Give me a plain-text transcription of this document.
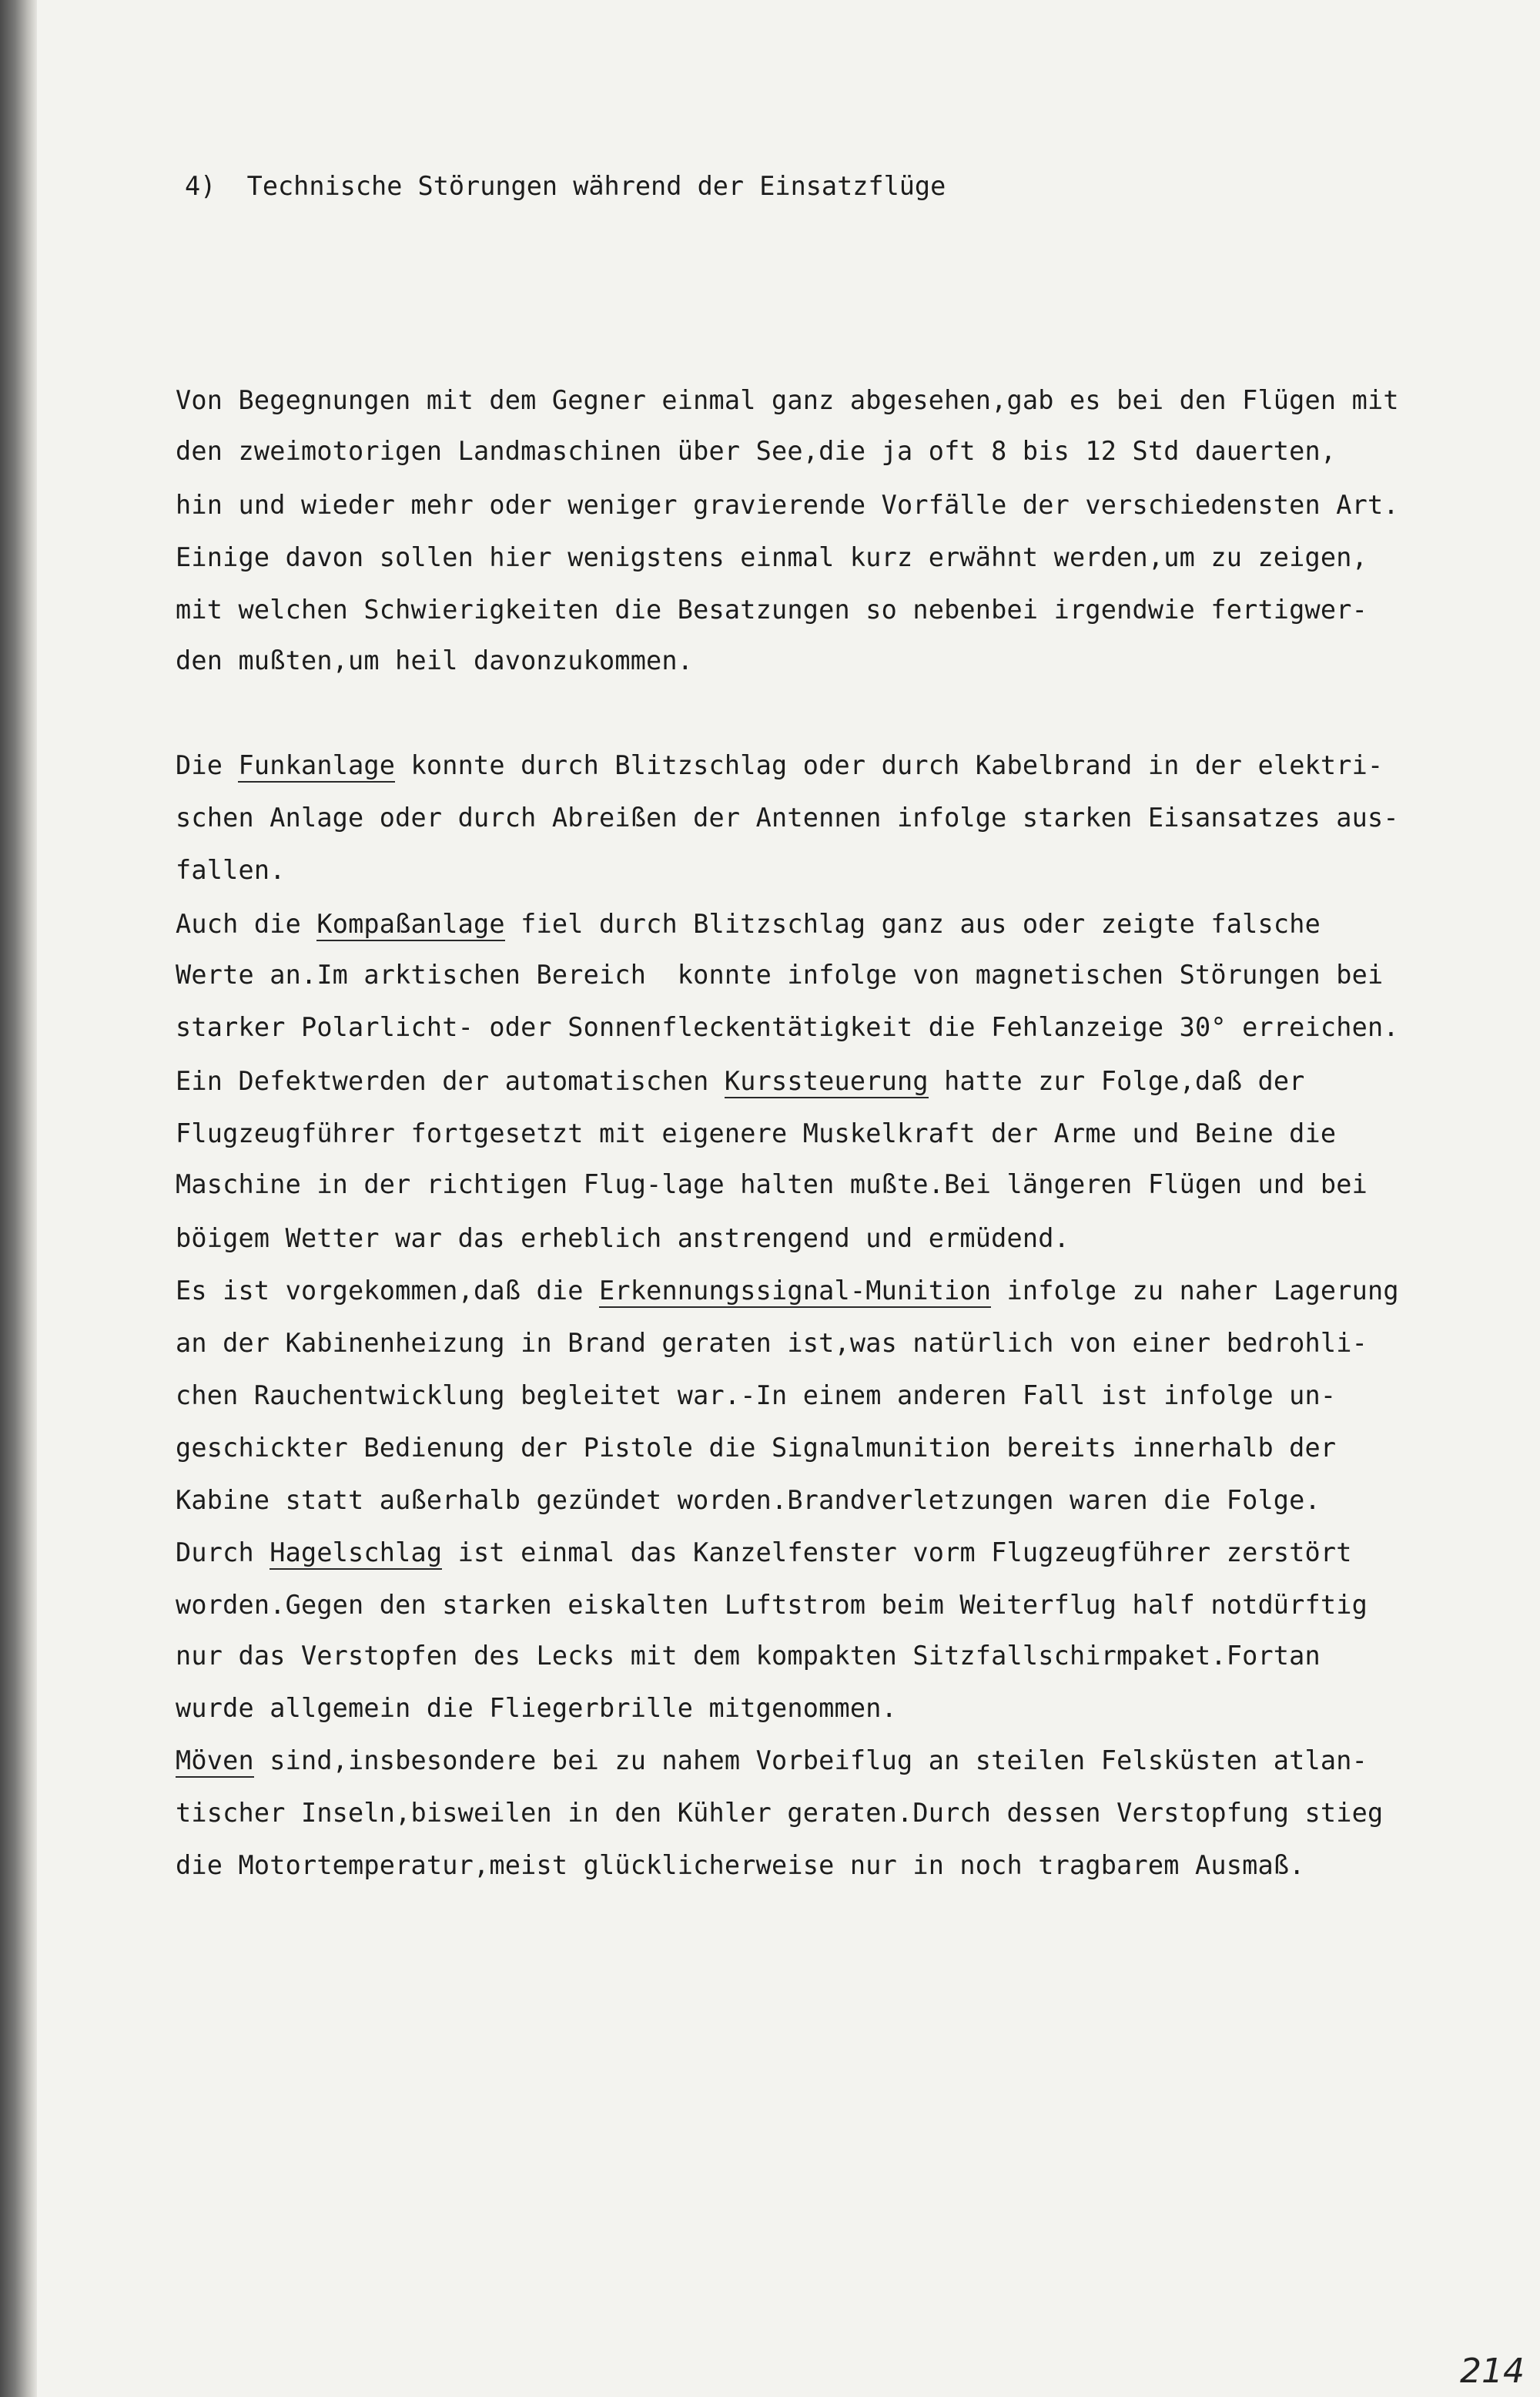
4)  Technische Störungen während der Einsatzflüge
Von Begegnungen mit dem Gegner einmal ganz abgesehen,gab es bei den Flügen mit
den zweimotorigen Landmaschinen über See,die ja oft 8 bis 12 Std dauerten,
hin und wieder mehr oder weniger gravierende Vorfälle der verschiedensten Art.
Einige davon sollen hier wenigstens einmal kurz erwähnt werden,um zu zeigen,
mit welchen Schwierigkeiten die Besatzungen so nebenbei irgendwie fertigwer-
den mußten,um heil davonzukommen.
Die Funkanlage konnte durch Blitzschlag oder durch Kabelbrand in der elektri-
schen Anlage oder durch Abreißen der Antennen infolge starken Eisansatzes aus-
fallen.
Auch die Kompaßanlage fiel durch Blitzschlag ganz aus oder zeigte falsche
Werte an.Im arktischen Bereich  konnte infolge von magnetischen Störungen bei
starker Polarlicht- oder Sonnenfleckentätigkeit die Fehlanzeige 30° erreichen.
Ein Defektwerden der automatischen Kurssteuerung hatte zur Folge,daß der
Flugzeugführer fortgesetzt mit eigenere Muskelkraft der Arme und Beine die
Maschine in der richtigen Flug-lage halten mußte.Bei längeren Flügen und bei
böigem Wetter war das erheblich anstrengend und ermüdend.
Es ist vorgekommen,daß die Erkennungssignal-Munition infolge zu naher Lagerung
an der Kabinenheizung in Brand geraten ist,was natürlich von einer bedrohli-
chen Rauchentwicklung begleitet war.-In einem anderen Fall ist infolge un-
geschickter Bedienung der Pistole die Signalmunition bereits innerhalb der
Kabine statt außerhalb gezündet worden.Brandverletzungen waren die Folge.
Durch Hagelschlag ist einmal das Kanzelfenster vorm Flugzeugführer zerstört
worden.Gegen den starken eiskalten Luftstrom beim Weiterflug half notdürftig
nur das Verstopfen des Lecks mit dem kompakten Sitzfallschirmpaket.Fortan
wurde allgemein die Fliegerbrille mitgenommen.
Möven sind,insbesondere bei zu nahem Vorbeiflug an steilen Felsküsten atlan-
tischer Inseln,bisweilen in den Kühler geraten.Durch dessen Verstopfung stieg
die Motortemperatur,meist glücklicherweise nur in noch tragbarem Ausmaß.
214
